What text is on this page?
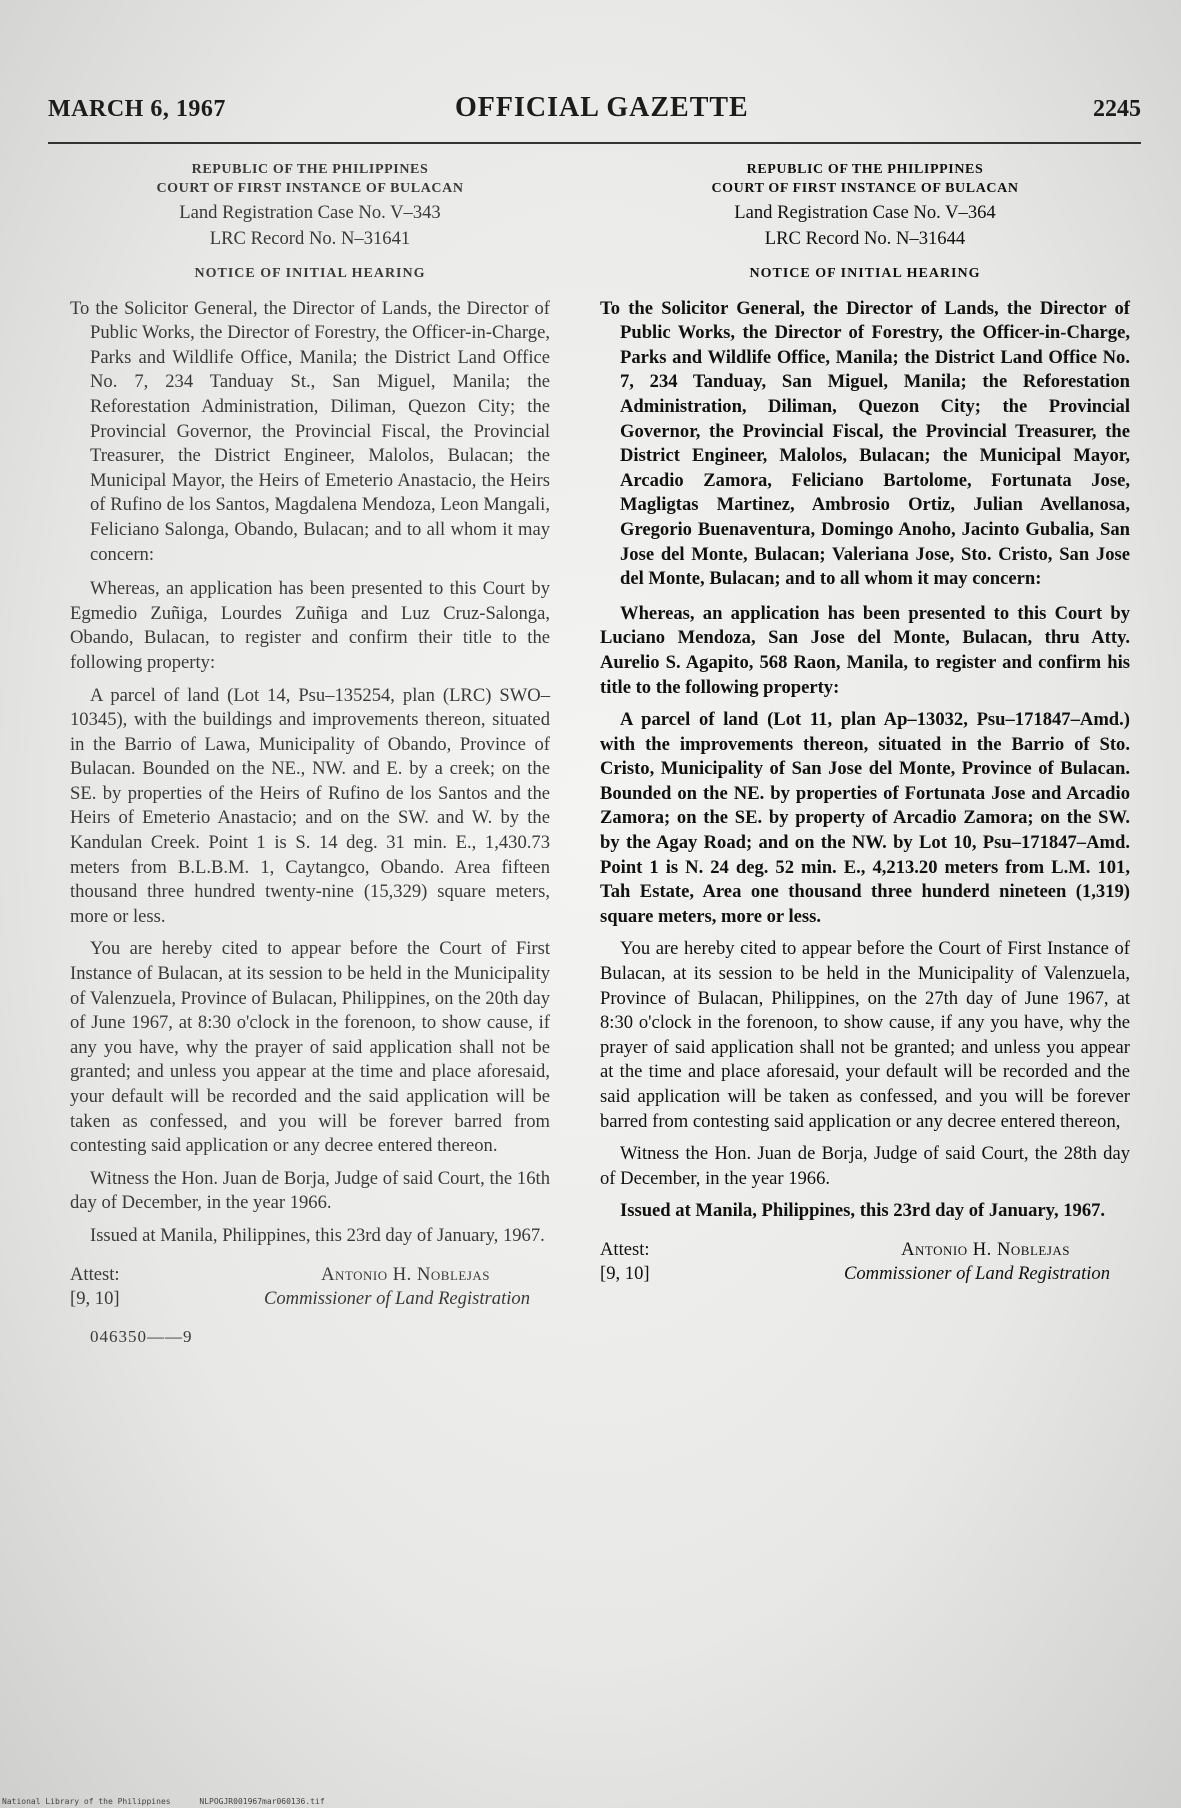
MARCH 6, 1967	OFFICIAL GAZETTE	2245
REPUBLIC OF THE PHILIPPINES
COURT OF FIRST INSTANCE OF BULACAN
Land Registration Case No. V–343
LRC Record No. N–31641
NOTICE OF INITIAL HEARING

To the Solicitor General, the Director of Lands, the Director of Public Works, the Director of Forestry, the Officer-in-Charge, Parks and Wildlife Office, Manila; the District Land Office No. 7, 234 Tanduay St., San Miguel, Manila; the Reforestation Administration, Diliman, Quezon City; the Provincial Governor, the Provincial Fiscal, the Provincial Treasurer, the District Engineer, Malolos, Bulacan; the Municipal Mayor, the Heirs of Emeterio Anastacio, the Heirs of Rufino de los Santos, Magdalena Mendoza, Leon Mangali, Feliciano Salonga, Obando, Bulacan; and to all whom it may concern:

Whereas, an application has been presented to this Court by Egmedio Zuñiga, Lourdes Zuñiga and Luz Cruz-Salonga, Obando, Bulacan, to register and confirm their title to the following property:

A parcel of land (Lot 14, Psu–135254, plan (LRC) SWO–10345), with the buildings and improvements thereon, situated in the Barrio of Lawa, Municipality of Obando, Province of Bulacan. Bounded on the NE., NW. and E. by a creek; on the SE. by properties of the Heirs of Rufino de los Santos and the Heirs of Emeterio Anastacio; and on the SW. and W. by the Kandulan Creek. Point 1 is S. 14 deg. 31 min. E., 1,430.73 meters from B.L.B.M. 1, Caytangco, Obando. Area fifteen thousand three hundred twenty-nine (15,329) square meters, more or less.

You are hereby cited to appear before the Court of First Instance of Bulacan, at its session to be held in the Municipality of Valenzuela, Province of Bulacan, Philippines, on the 20th day of June 1967, at 8:30 o'clock in the forenoon, to show cause, if any you have, why the prayer of said application shall not be granted; and unless you appear at the time and place aforesaid, your default will be recorded and the said application will be taken as confessed, and you will be forever barred from contesting said application or any decree entered thereon.

Witness the Hon. Juan de Borja, Judge of said Court, the 16th day of December, in the year 1966.

Issued at Manila, Philippines, this 23rd day of January, 1967.

Attest:	Antonio H. Noblejas
[9, 10]	Commissioner of Land Registration
046350——9
REPUBLIC OF THE PHILIPPINES
COURT OF FIRST INSTANCE OF BULACAN
Land Registration Case No. V–364
LRC Record No. N–31644
NOTICE OF INITIAL HEARING

To the Solicitor General, the Director of Lands, the Director of Public Works, the Director of Forestry, the Officer-in-Charge, Parks and Wildlife Office, Manila; the District Land Office No. 7, 234 Tanduay, San Miguel, Manila; the Reforestation Administration, Diliman, Quezon City; the Provincial Governor, the Provincial Fiscal, the Provincial Treasurer, the District Engineer, Malolos, Bulacan; the Municipal Mayor, Arcadio Zamora, Feliciano Bartolome, Fortunata Jose, Magligtas Martinez, Ambrosio Ortiz, Julian Avellanosa, Gregorio Buenaventura, Domingo Anoho, Jacinto Gubalia, San Jose del Monte, Bulacan; Valeriana Jose, Sto. Cristo, San Jose del Monte, Bulacan; and to all whom it may concern:

Whereas, an application has been presented to this Court by Luciano Mendoza, San Jose del Monte, Bulacan, thru Atty. Aurelio S. Agapito, 568 Raon, Manila, to register and confirm his title to the following property:

A parcel of land (Lot 11, plan Ap–13032, Psu–171847–Amd.) with the improvements thereon, situated in the Barrio of Sto. Cristo, Municipality of San Jose del Monte, Province of Bulacan. Bounded on the NE. by properties of Fortunata Jose and Arcadio Zamora; on the SE. by property of Arcadio Zamora; on the SW. by the Agay Road; and on the NW. by Lot 10, Psu–171847–Amd. Point 1 is N. 24 deg. 52 min. E., 4,213.20 meters from L.M. 101, Tah Estate, Area one thousand three hunderd nineteen (1,319) square meters, more or less.

You are hereby cited to appear before the Court of First Instance of Bulacan, at its session to be held in the Municipality of Valenzuela, Province of Bulacan, Philippines, on the 27th day of June 1967, at 8:30 o'clock in the forenoon, to show cause, if any you have, why the prayer of said application shall not be granted; and unless you appear at the time and place aforesaid, your default will be recorded and the said application will be taken as confessed, and you will be forever barred from contesting said application or any decree entered thereon,

Witness the Hon. Juan de Borja, Judge of said Court, the 28th day of December, in the year 1966.

Issued at Manila, Philippines, this 23rd day of January, 1967.

Attest:	Antonio H. Noblejas
[9, 10]	Commissioner of Land Registration
National Library of the Philippines	NLPOGJR001967mar060136.tif
